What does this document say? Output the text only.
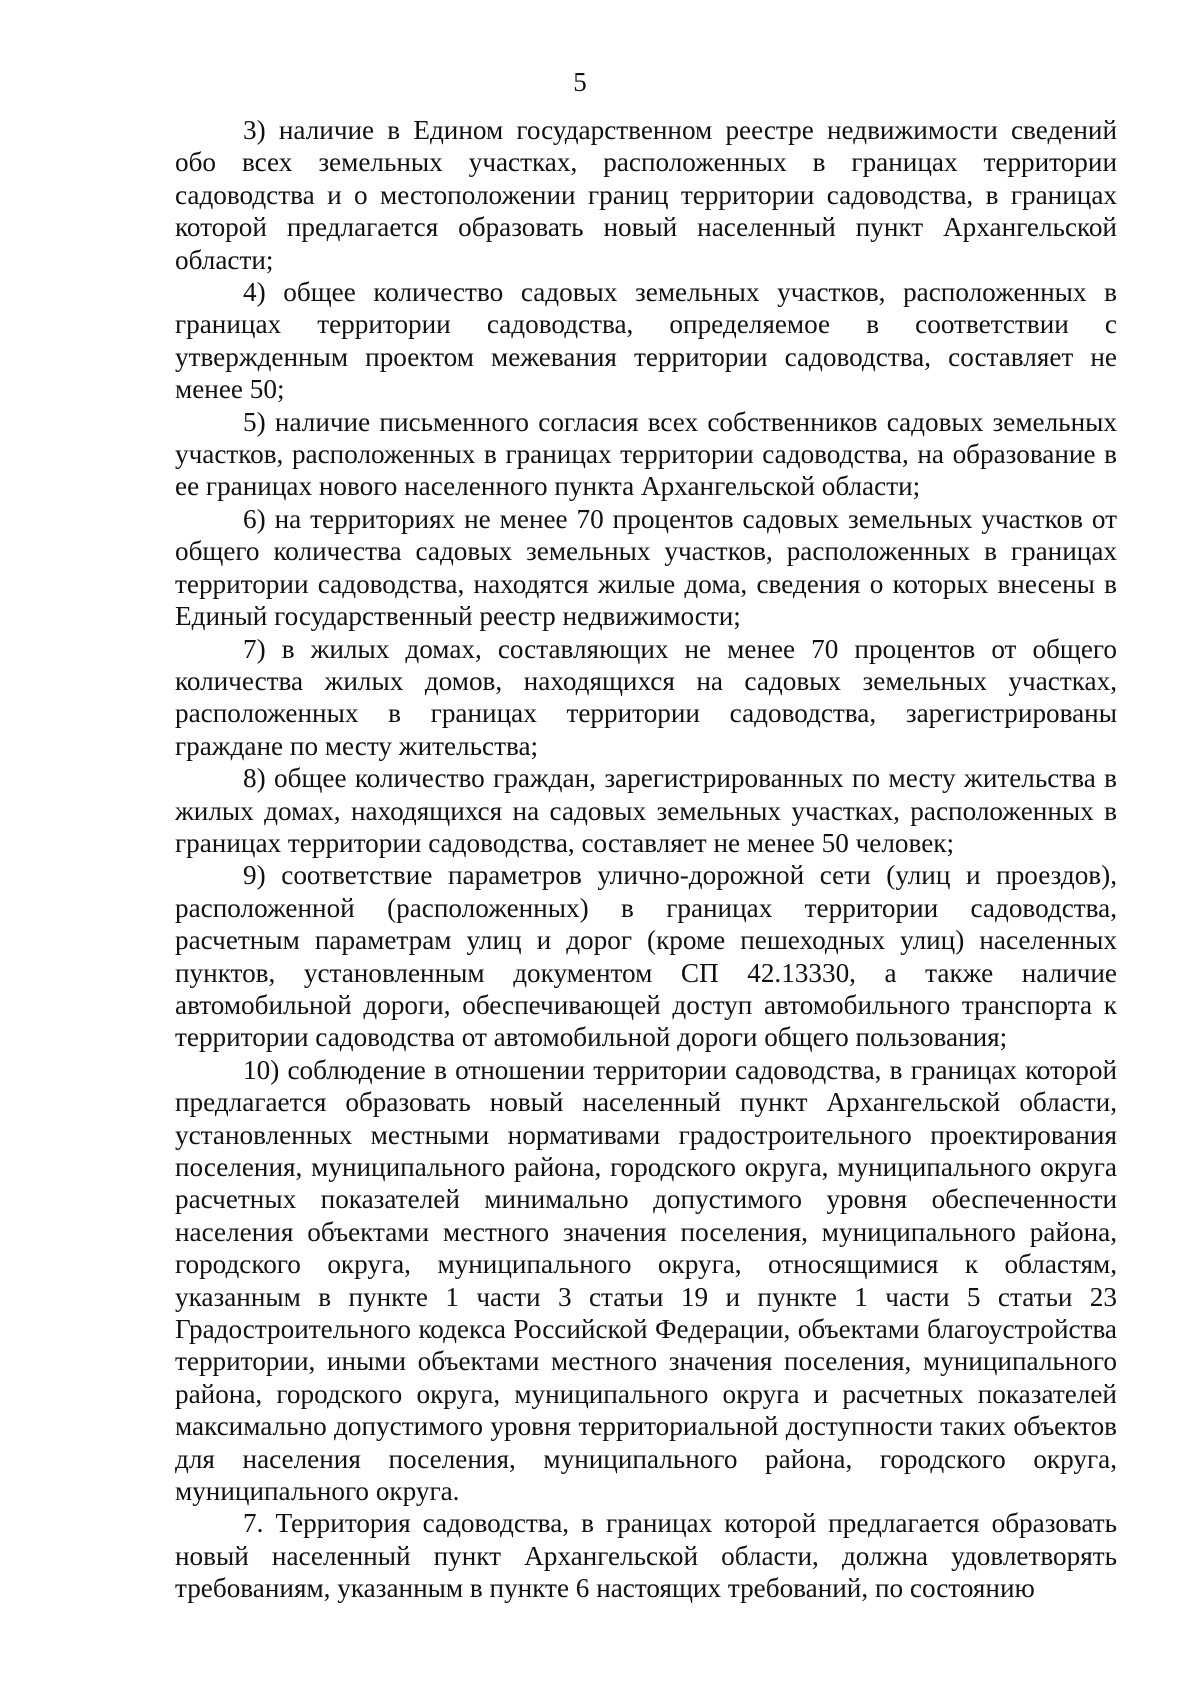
5

3) наличие в Едином государственном реестре недвижимости сведений обо всех земельных участках, расположенных в границах территории садоводства и о местоположении границ территории садоводства, в границах которой предлагается образовать новый населенный пункт Архангельской области;

4) общее количество садовых земельных участков, расположенных в границах территории садоводства, определяемое в соответствии с утвержденным проектом межевания территории садоводства, составляет не менее 50;

5) наличие письменного согласия всех собственников садовых земельных участков, расположенных в границах территории садоводства, на образование в ее границах нового населенного пункта Архангельской области;

6) на территориях не менее 70 процентов садовых земельных участков от общего количества садовых земельных участков, расположенных в границах территории садоводства, находятся жилые дома, сведения о которых внесены в Единый государственный реестр недвижимости;

7) в жилых домах, составляющих не менее 70 процентов от общего количества жилых домов, находящихся на садовых земельных участках, расположенных в границах территории садоводства, зарегистрированы граждане по месту жительства;

8) общее количество граждан, зарегистрированных по месту жительства в жилых домах, находящихся на садовых земельных участках, расположенных в границах территории садоводства, составляет не менее 50 человек;

9) соответствие параметров улично-дорожной сети (улиц и проездов), расположенной (расположенных) в границах территории садоводства, расчетным параметрам улиц и дорог (кроме пешеходных улиц) населенных пунктов, установленным документом СП 42.13330, а также наличие автомобильной дороги, обеспечивающей доступ автомобильного транспорта к территории садоводства от автомобильной дороги общего пользования;

10) соблюдение в отношении территории садоводства, в границах которой предлагается образовать новый населенный пункт Архангельской области, установленных местными нормативами градостроительного проектирования поселения, муниципального района, городского округа, муниципального округа расчетных показателей минимально допустимого уровня обеспеченности населения объектами местного значения поселения, муниципального района, городского округа, муниципального округа, относящимися к областям, указанным в пункте 1 части 3 статьи 19 и пункте 1 части 5 статьи 23 Градостроительного кодекса Российской Федерации, объектами благоустройства территории, иными объектами местного значения поселения, муниципального района, городского округа, муниципального округа и расчетных показателей максимально допустимого уровня территориальной доступности таких объектов для населения поселения, муниципального района, городского округа, муниципального округа.

7. Территория садоводства, в границах которой предлагается образовать новый населенный пункт Архангельской области, должна удовлетворять требованиям, указанным в пункте 6 настоящих требований, по состоянию
